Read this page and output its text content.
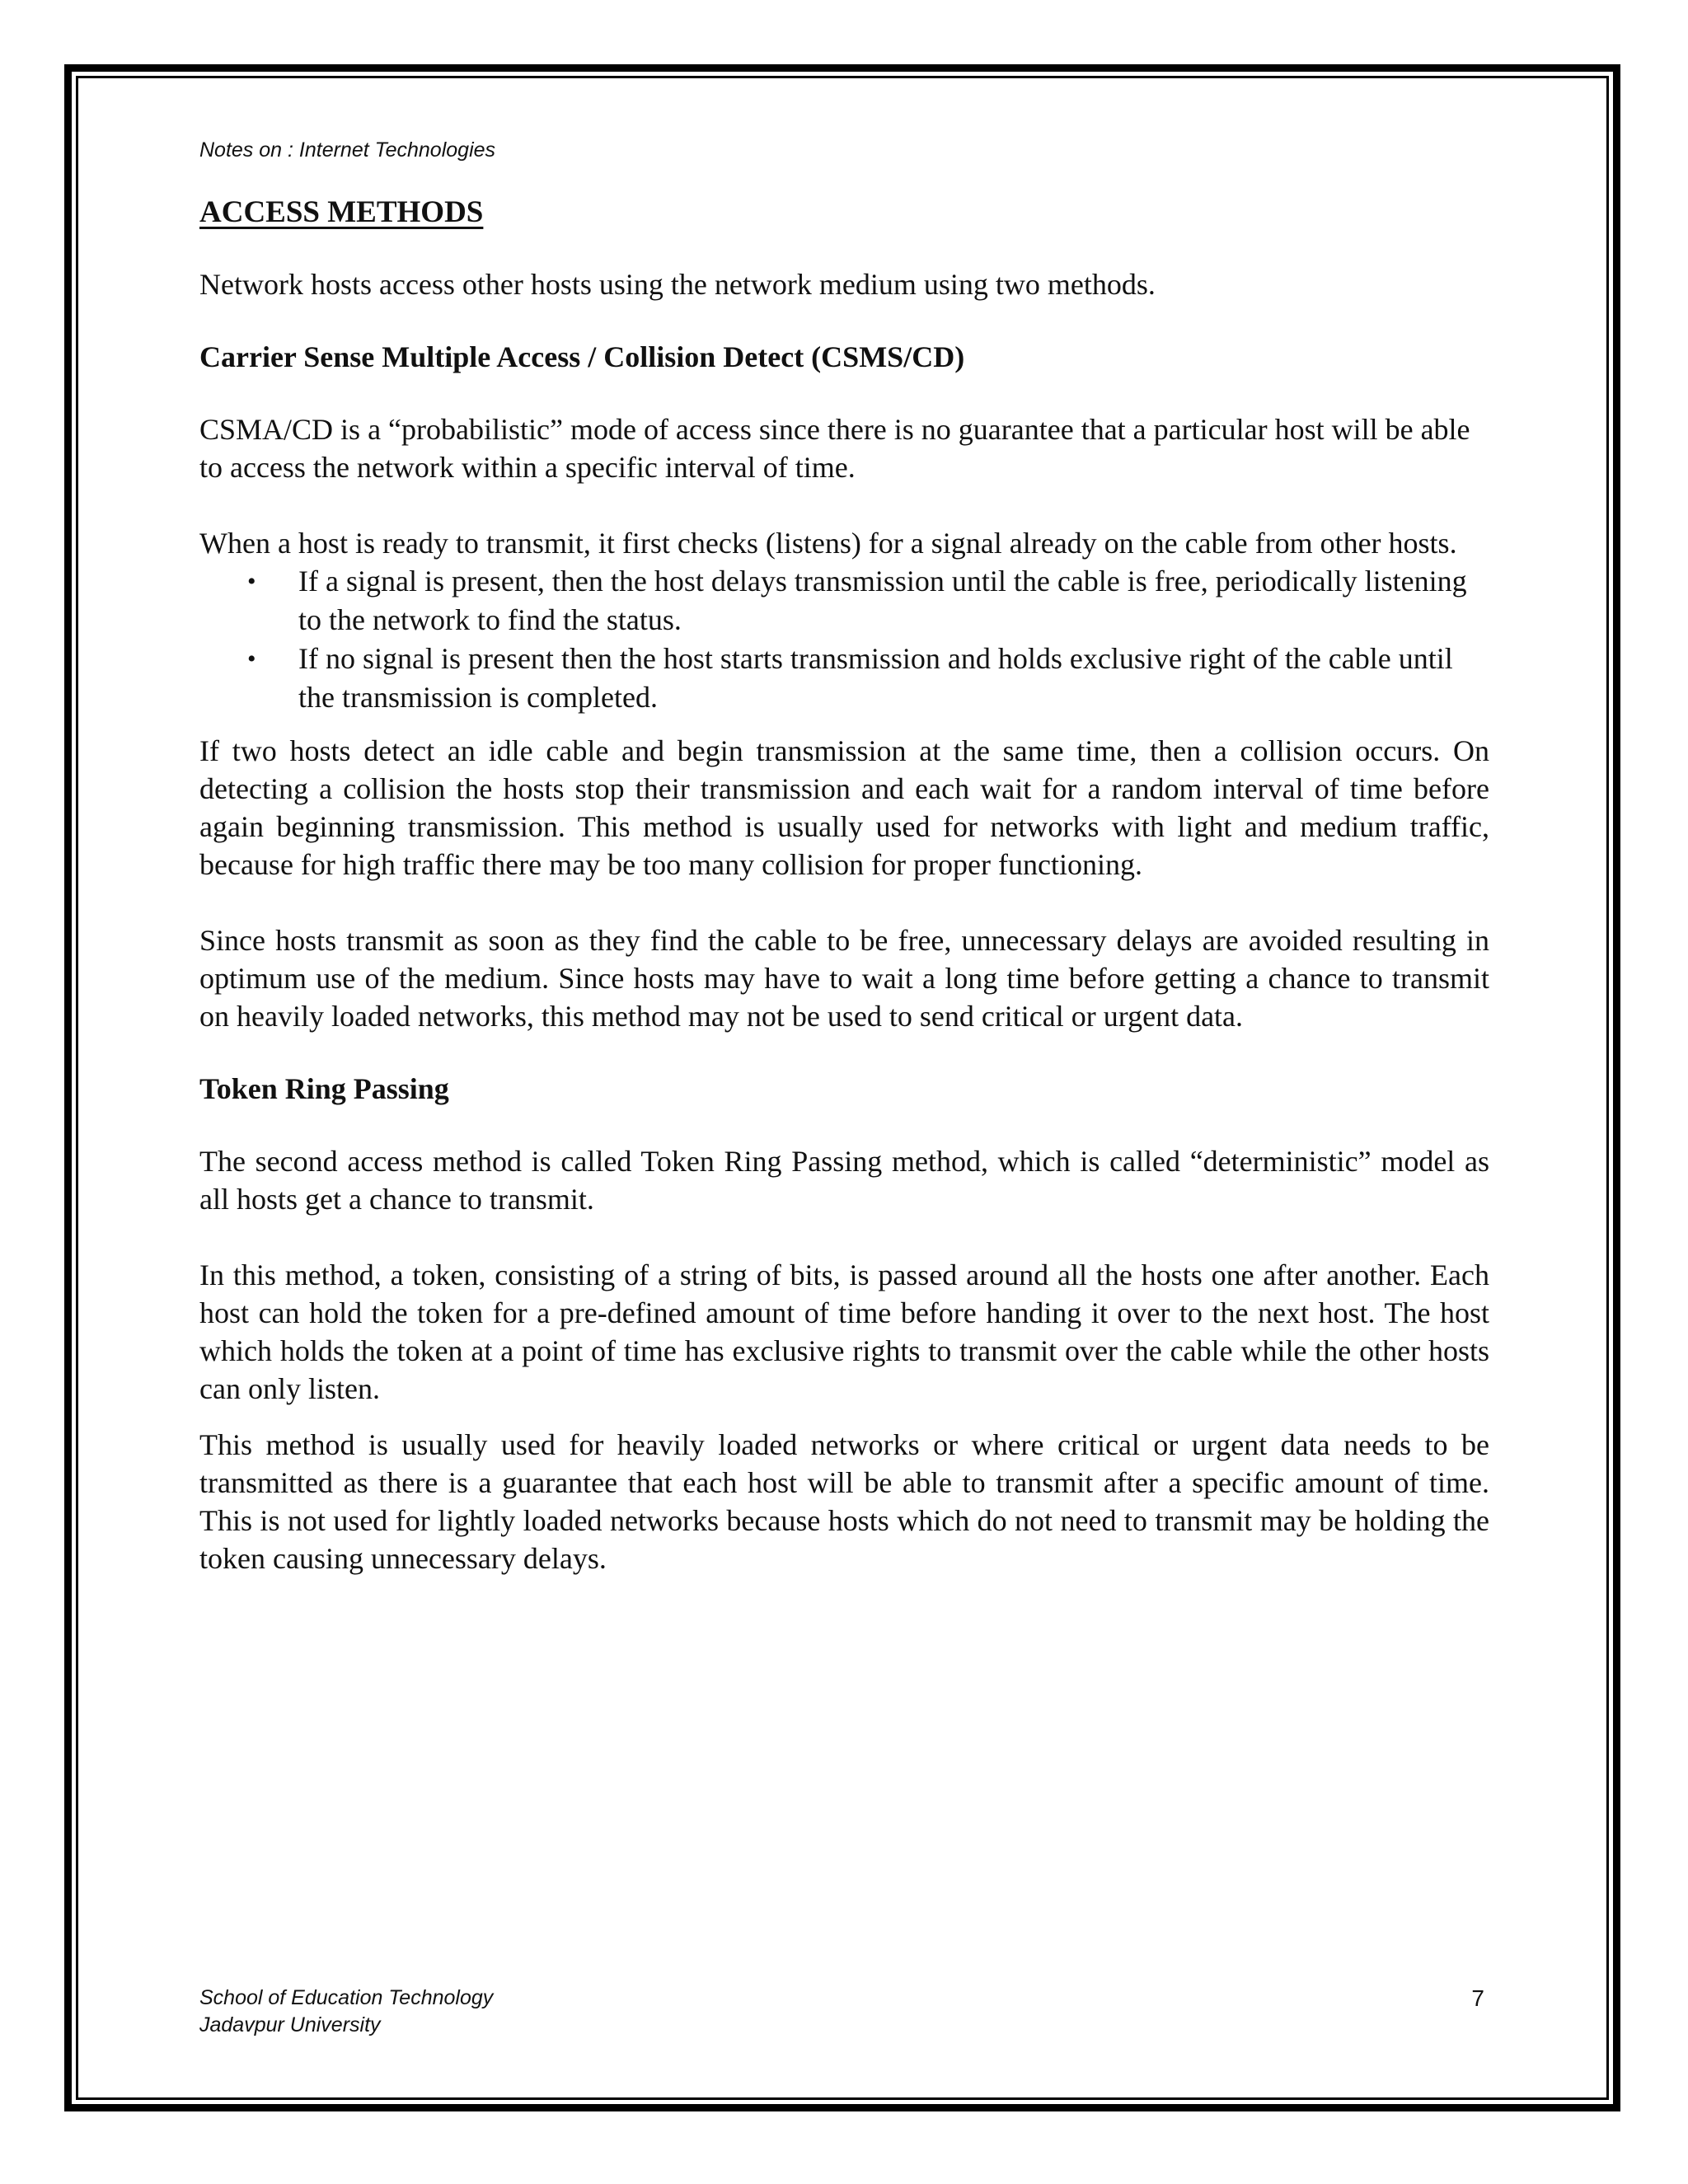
Notes on : Internet Technologies

ACCESS METHODS

Network hosts access other hosts using the network medium using two methods.

Carrier Sense Multiple Access / Collision Detect (CSMS/CD)

CSMA/CD is a “probabilistic” mode of access since there is no guarantee that a particular host will be able to access the network within a specific interval of time.

When a host is ready to transmit, it first checks (listens) for a signal already on the cable from other hosts.

• If a signal is present, then the host delays transmission until the cable is free, periodically listening to the network to find the status.
• If no signal is present then the host starts transmission and holds exclusive right of the cable until the transmission is completed.

If two hosts detect an idle cable and begin transmission at the same time, then a collision occurs. On detecting a collision the hosts stop their transmission and each wait for a random interval of time before again beginning transmission. This method is usually used for networks with light and medium traffic, because for high traffic there may be too many collision for proper functioning.

Since hosts transmit as soon as they find the cable to be free, unnecessary delays are avoided resulting in optimum use of the medium. Since hosts may have to wait a long time before getting a chance to transmit on heavily loaded networks, this method may not be used to send critical or urgent data.

Token Ring Passing

The second access method is called Token Ring Passing method, which is called “deterministic” model as all hosts get a chance to transmit.

In this method, a token, consisting of a string of bits, is passed around all the hosts one after another. Each host can hold the token for a pre-defined amount of time before handing it over to the next host. The host which holds the token at a point of time has exclusive rights to transmit over the cable while the other hosts can only listen.

This method is usually used for heavily loaded networks or where critical or urgent data needs to be transmitted as there is a guarantee that each host will be able to transmit after a specific amount of time. This is not used for lightly loaded networks because hosts which do not need to transmit may be holding the token causing unnecessary delays.

School of Education Technology
Jadavpur University
7
